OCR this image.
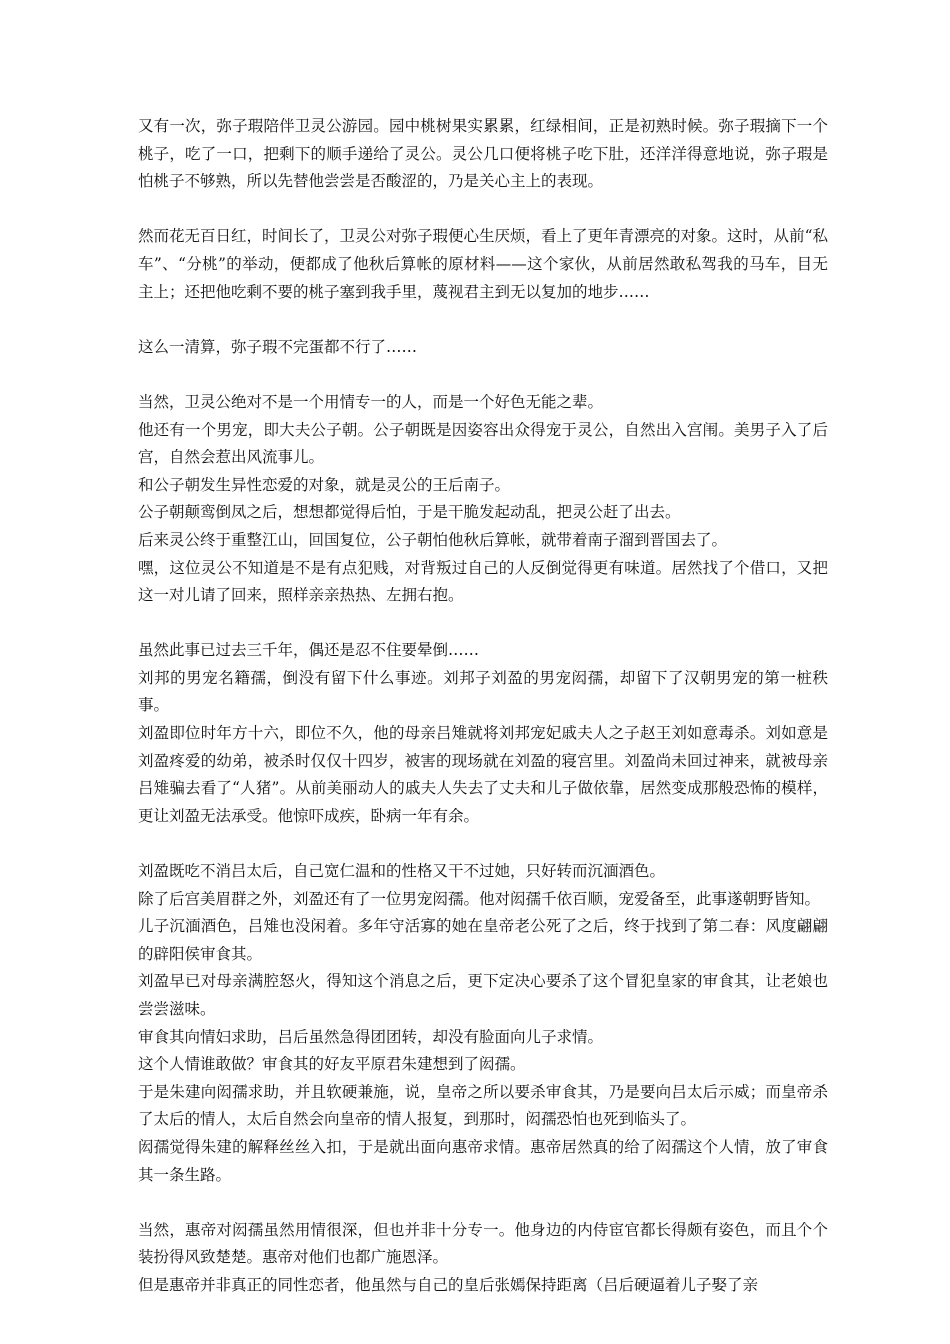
又有一次，弥子瑕陪伴卫灵公游园。园中桃树果实累累，红绿相间，正是初熟时候。弥子瑕摘下一个桃子，吃了一口，把剩下的顺手递给了灵公。灵公几口便将桃子吃下肚，还洋洋得意地说，弥子瑕是怕桃子不够熟，所以先替他尝尝是否酸涩的，乃是关心主上的表现。

然而花无百日红，时间长了，卫灵公对弥子瑕便心生厌烦，看上了更年青漂亮的对象。这时，从前“私车”、“分桃”的举动，便都成了他秋后算帐的原材料——这个家伙，从前居然敢私驾我的马车，目无主上；还把他吃剩不要的桃子塞到我手里，蔑视君主到无以复加的地步……

这么一清算，弥子瑕不完蛋都不行了……

当然，卫灵公绝对不是一个用情专一的人，而是一个好色无能之辈。

他还有一个男宠，即大夫公子朝。公子朝既是因姿容出众得宠于灵公，自然出入宫闱。美男子入了后宫，自然会惹出风流事儿。

和公子朝发生异性恋爱的对象，就是灵公的王后南子。

公子朝颠鸾倒凤之后，想想都觉得后怕，于是干脆发起动乱，把灵公赶了出去。

后来灵公终于重整江山，回国复位，公子朝怕他秋后算帐，就带着南子溜到晋国去了。

嘿，这位灵公不知道是不是有点犯贱，对背叛过自己的人反倒觉得更有味道。居然找了个借口，又把这一对儿请了回来，照样亲亲热热、左拥右抱。

虽然此事已过去三千年，偶还是忍不住要晕倒……

刘邦的男宠名籍孺，倒没有留下什么事迹。刘邦子刘盈的男宠闳孺，却留下了汉朝男宠的第一桩秩事。

刘盈即位时年方十六，即位不久，他的母亲吕雉就将刘邦宠妃戚夫人之子赵王刘如意毒杀。刘如意是刘盈疼爱的幼弟，被杀时仅仅十四岁，被害的现场就在刘盈的寝宫里。刘盈尚未回过神来，就被母亲吕雉骗去看了“人猪”。从前美丽动人的戚夫人失去了丈夫和儿子做依靠，居然变成那般恐怖的模样，更让刘盈无法承受。他惊吓成疾，卧病一年有余。

刘盈既吃不消吕太后，自己宽仁温和的性格又干不过她，只好转而沉湎酒色。

除了后宫美眉群之外，刘盈还有了一位男宠闳孺。他对闳孺千依百顺，宠爱备至，此事遂朝野皆知。

儿子沉湎酒色，吕雉也没闲着。多年守活寡的她在皇帝老公死了之后，终于找到了第二春：风度翩翩的辟阳侯审食其。

刘盈早已对母亲满腔怒火，得知这个消息之后，更下定决心要杀了这个冒犯皇家的审食其，让老娘也尝尝滋味。

审食其向情妇求助，吕后虽然急得团团转，却没有脸面向儿子求情。

这个人情谁敢做？审食其的好友平原君朱建想到了闳孺。

于是朱建向闳孺求助，并且软硬兼施，说，皇帝之所以要杀审食其，乃是要向吕太后示威；而皇帝杀了太后的情人，太后自然会向皇帝的情人报复，到那时，闳孺恐怕也死到临头了。

闳孺觉得朱建的解释丝丝入扣，于是就出面向惠帝求情。惠帝居然真的给了闳孺这个人情，放了审食其一条生路。

当然，惠帝对闳孺虽然用情很深，但也并非十分专一。他身边的内侍宦官都长得颇有姿色，而且个个装扮得风致楚楚。惠帝对他们也都广施恩泽。

但是惠帝并非真正的同性恋者，他虽然与自己的皇后张嫣保持距离（吕后硬逼着儿子娶了亲
